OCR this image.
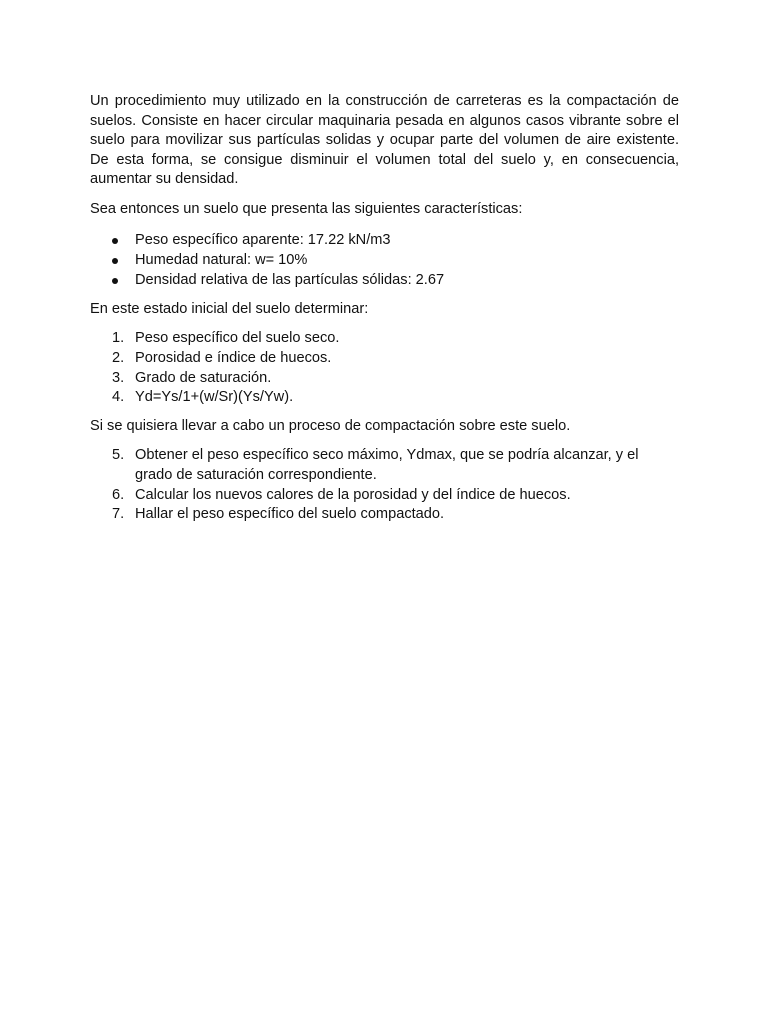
Un procedimiento muy utilizado en la construcción de carreteras es la compactación de suelos. Consiste en hacer circular maquinaria pesada en algunos casos vibrante sobre el suelo para movilizar sus partículas solidas y ocupar parte del volumen de aire existente. De esta forma, se consigue disminuir el volumen total del suelo y, en consecuencia, aumentar su densidad.

Sea entonces un suelo que presenta las siguientes características:

Peso específico aparente: 17.22 kN/m3
Humedad natural: w= 10%
Densidad relativa de las partículas sólidas: 2.67

En este estado inicial del suelo determinar:

1. Peso específico del suelo seco.
2. Porosidad e índice de huecos.
3. Grado de saturación.
4. Yd=Ys/1+(w/Sr)(Ys/Yw).

Si se quisiera llevar a cabo un proceso de compactación sobre este suelo.

5. Obtener el peso específico seco máximo, Ydmax, que se podría alcanzar, y el grado de saturación correspondiente.
6. Calcular los nuevos calores de la porosidad y del índice de huecos.
7. Hallar el peso específico del suelo compactado.
